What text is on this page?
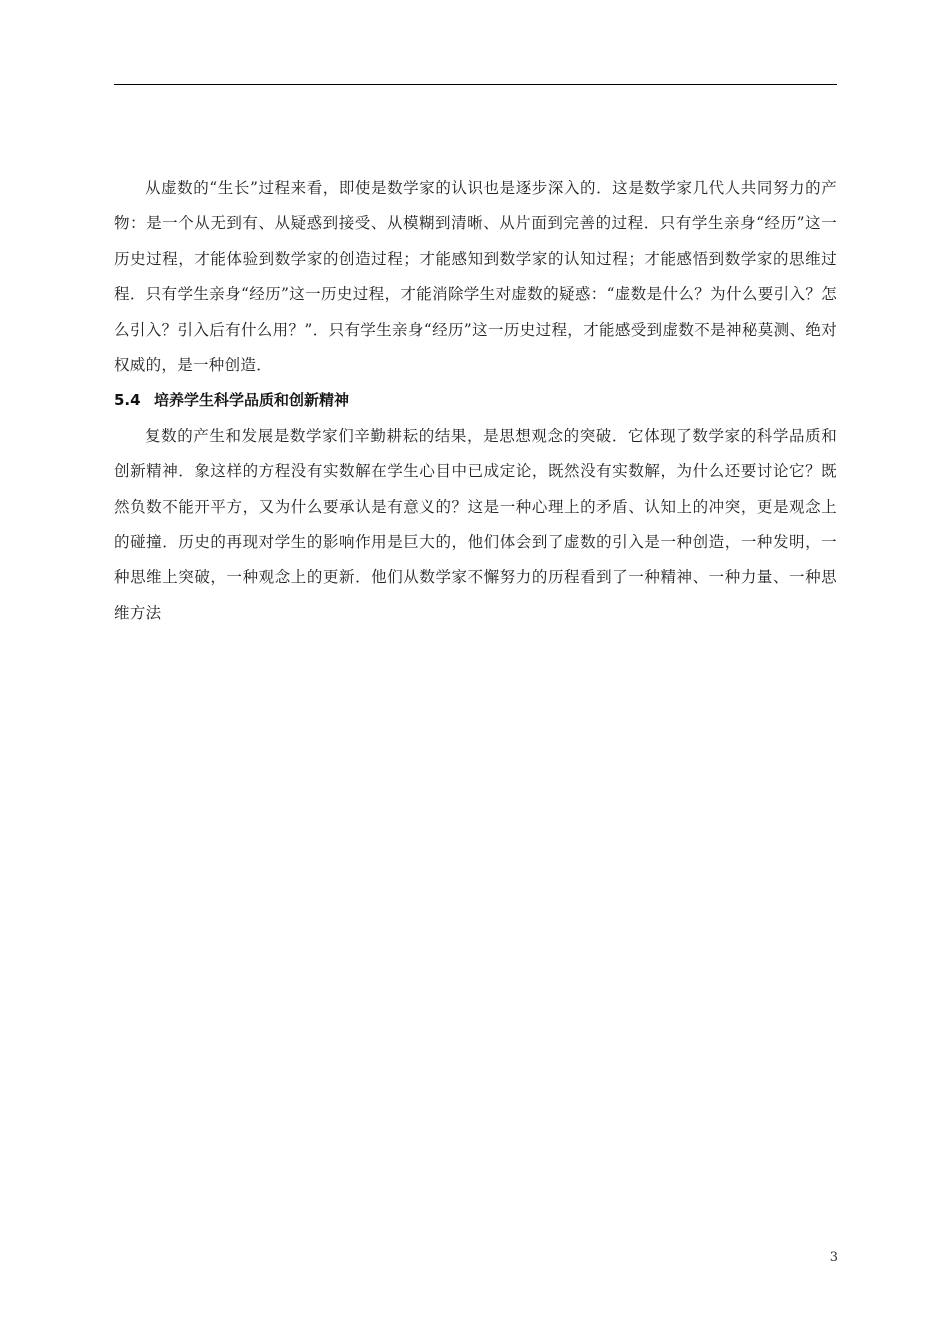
从虚数的“生长”过程来看，即使是数学家的认识也是逐步深入的．这是数学家几代人共同努力的产物：是一个从无到有、从疑惑到接受、从模糊到清晰、从片面到完善的过程．只有学生亲身“经历”这一历史过程，才能体验到数学家的创造过程；才能感知到数学家的认知过程；才能感悟到数学家的思维过程．只有学生亲身“经历”这一历史过程，才能消除学生对虚数的疑惑：“虚数是什么？为什么要引入？怎么引入？引入后有什么用？”．只有学生亲身“经历”这一历史过程，才能感受到虚数不是神秘莫测、绝对权威的，是一种创造．

5.4 培养学生科学品质和创新精神

复数的产生和发展是数学家们辛勤耕耘的结果，是思想观念的突破．它体现了数学家的科学品质和创新精神．象这样的方程没有实数解在学生心目中已成定论，既然没有实数解，为什么还要讨论它？既然负数不能开平方，又为什么要承认是有意义的？这是一种心理上的矛盾、认知上的冲突，更是观念上的碰撞．历史的再现对学生的影响作用是巨大的，他们体会到了虚数的引入是一种创造，一种发明，一种思维上突破，一种观念上的更新．他们从数学家不懈努力的历程看到了一种精神、一种力量、一种思维方法

3
